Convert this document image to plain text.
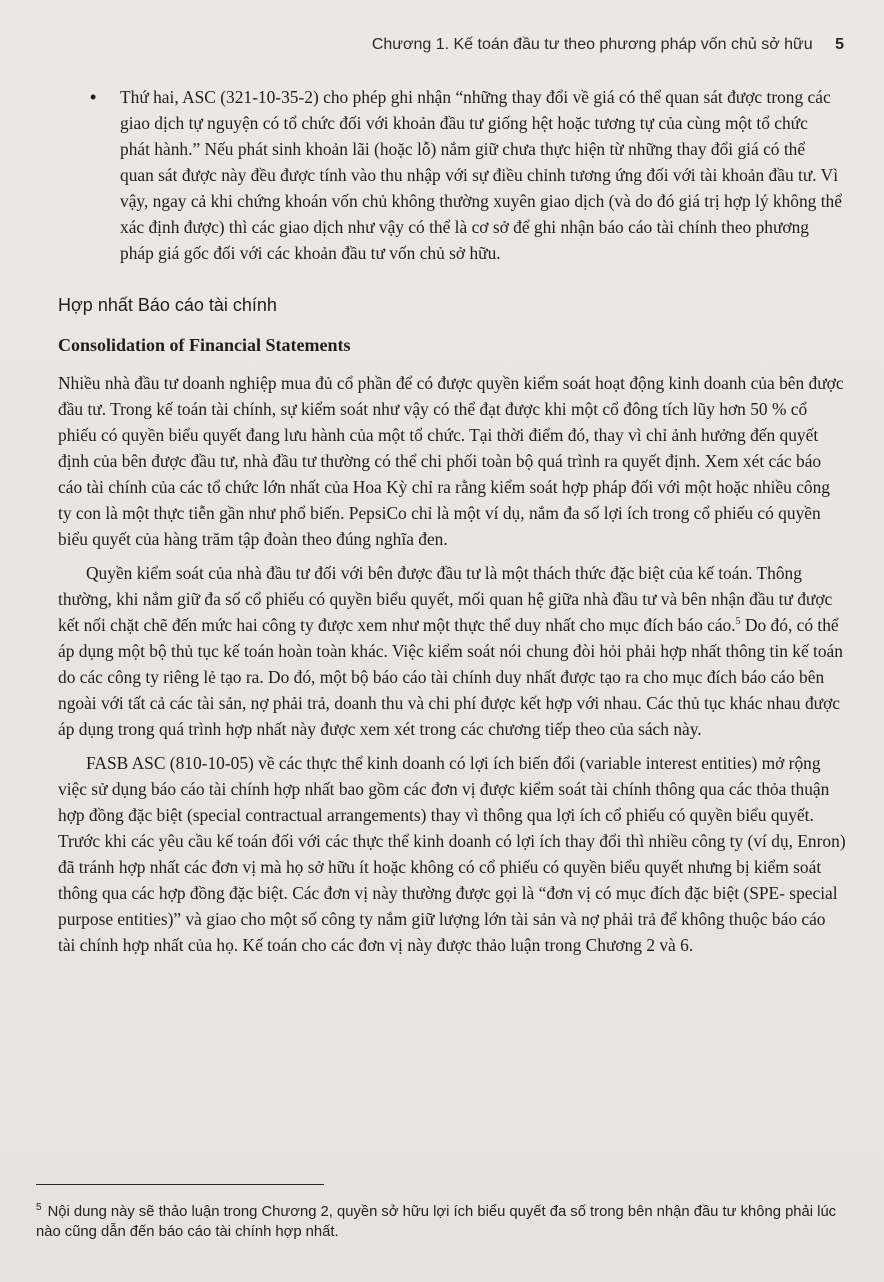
Chương 1. Kế toán đầu tư theo phương pháp vốn chủ sở hữu 5
• Thứ hai, ASC (321-10-35-2) cho phép ghi nhận “những thay đổi về giá có thể quan sát được trong các giao dịch tự nguyện có tổ chức đối với khoản đầu tư giống hệt hoặc tương tự của cùng một tổ chức phát hành.” Nếu phát sinh khoản lãi (hoặc lỗ) nắm giữ chưa thực hiện từ những thay đổi giá có thể quan sát được này đều được tính vào thu nhập với sự điều chỉnh tương ứng đối với tài khoản đầu tư. Vì vậy, ngay cả khi chứng khoán vốn chủ không thường xuyên giao dịch (và do đó giá trị hợp lý không thể xác định được) thì các giao dịch như vậy có thể là cơ sở để ghi nhận báo cáo tài chính theo phương pháp giá gốc đối với các khoản đầu tư vốn chủ sở hữu.
Hợp nhất Báo cáo tài chính
Consolidation of Financial Statements

Nhiều nhà đầu tư doanh nghiệp mua đủ cổ phần để có được quyền kiểm soát hoạt động kinh doanh của bên được đầu tư. Trong kế toán tài chính, sự kiểm soát như vậy có thể đạt được khi một cổ đông tích lũy hơn 50 % cổ phiếu có quyền biểu quyết đang lưu hành của một tổ chức. Tại thời điểm đó, thay vì chỉ ảnh hưởng đến quyết định của bên được đầu tư, nhà đầu tư thường có thể chi phối toàn bộ quá trình ra quyết định. Xem xét các báo cáo tài chính của các tổ chức lớn nhất của Hoa Kỳ chỉ ra rằng kiểm soát hợp pháp đối với một hoặc nhiều công ty con là một thực tiễn gần như phổ biến. PepsiCo chỉ là một ví dụ, nắm đa số lợi ích trong cổ phiếu có quyền biểu quyết của hàng trăm tập đoàn theo đúng nghĩa đen.

Quyền kiểm soát của nhà đầu tư đối với bên được đầu tư là một thách thức đặc biệt của kế toán. Thông thường, khi nắm giữ đa số cổ phiếu có quyền biểu quyết, mối quan hệ giữa nhà đầu tư và bên nhận đầu tư được kết nối chặt chẽ đến mức hai công ty được xem như một thực thể duy nhất cho mục đích báo cáo.$^5$ Do đó, có thể áp dụng một bộ thủ tục kế toán hoàn toàn khác. Việc kiểm soát nói chung đòi hỏi phải hợp nhất thông tin kế toán do các công ty riêng lẻ tạo ra. Do đó, một bộ báo cáo tài chính duy nhất được tạo ra cho mục đích báo cáo bên ngoài với tất cả các tài sản, nợ phải trả, doanh thu và chi phí được kết hợp với nhau. Các thủ tục khác nhau được áp dụng trong quá trình hợp nhất này được xem xét trong các chương tiếp theo của sách này.

FASB ASC (810-10-05) về các thực thể kinh doanh có lợi ích biến đổi (variable interest entities) mở rộng việc sử dụng báo cáo tài chính hợp nhất bao gồm các đơn vị được kiểm soát tài chính thông qua các thỏa thuận hợp đồng đặc biệt (special contractual arrangements) thay vì thông qua lợi ích cổ phiếu có quyền biểu quyết. Trước khi các yêu cầu kế toán đối với các thực thể kinh doanh có lợi ích thay đổi thì nhiều công ty (ví dụ, Enron) đã tránh hợp nhất các đơn vị mà họ sở hữu ít hoặc không có cổ phiếu có quyền biểu quyết nhưng bị kiểm soát thông qua các hợp đồng đặc biệt. Các đơn vị này thường được gọi là “đơn vị có mục đích đặc biệt (SPE- special purpose entities)” và giao cho một số công ty nắm giữ lượng lớn tài sản và nợ phải trả để không thuộc báo cáo tài chính hợp nhất của họ. Kế toán cho các đơn vị này được thảo luận trong Chương 2 và 6.

$^5$ Nội dung này sẽ thảo luận trong Chương 2, quyền sở hữu lợi ích biểu quyết đa số trong bên nhận đầu tư không phải lúc nào cũng dẫn đến báo cáo tài chính hợp nhất.
